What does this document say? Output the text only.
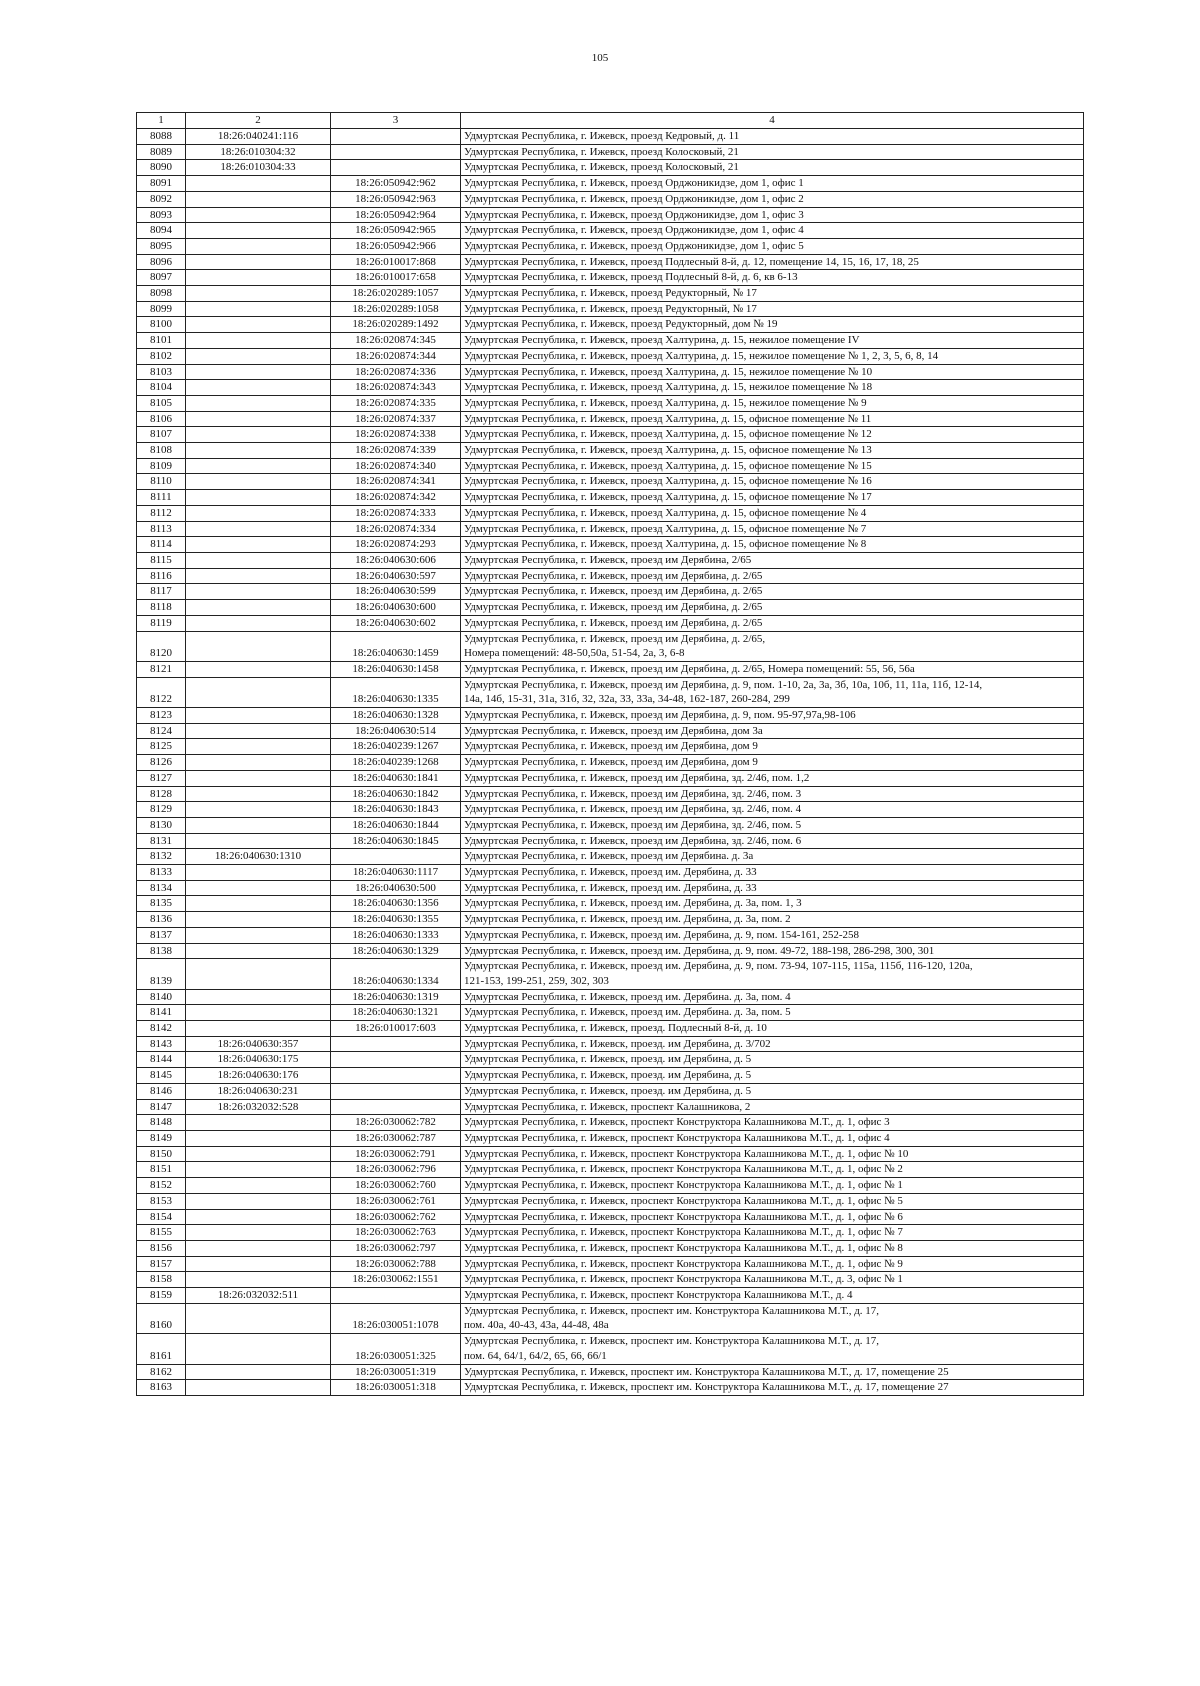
105
1	2	3	4
8088	18:26:040241:116		Удмуртская Республика, г. Ижевск, проезд Кедровый, д. 11
8089	18:26:010304:32		Удмуртская Республика, г. Ижевск, проезд Колосковый, 21
8090	18:26:010304:33		Удмуртская Республика, г. Ижевск, проезд Колосковый, 21
8091		18:26:050942:962	Удмуртская Республика, г. Ижевск, проезд Орджоникидзе, дом 1, офис 1
8092		18:26:050942:963	Удмуртская Республика, г. Ижевск, проезд Орджоникидзе, дом 1, офис 2
8093		18:26:050942:964	Удмуртская Республика, г. Ижевск, проезд Орджоникидзе, дом 1, офис 3
8094		18:26:050942:965	Удмуртская Республика, г. Ижевск, проезд Орджоникидзе, дом 1, офис 4
8095		18:26:050942:966	Удмуртская Республика, г. Ижевск, проезд Орджоникидзе, дом 1, офис 5
8096		18:26:010017:868	Удмуртская Республика, г. Ижевск, проезд Подлесный 8-й, д. 12, помещение 14, 15, 16, 17, 18, 25
8097		18:26:010017:658	Удмуртская Республика, г. Ижевск, проезд Подлесный 8-й, д. 6, кв 6-13
8098		18:26:020289:1057	Удмуртская Республика, г. Ижевск, проезд Редукторный, № 17
8099		18:26:020289:1058	Удмуртская Республика, г. Ижевск, проезд Редукторный, № 17
8100		18:26:020289:1492	Удмуртская Республика, г. Ижевск, проезд Редукторный, дом № 19
8101		18:26:020874:345	Удмуртская Республика, г. Ижевск, проезд Халтурина, д. 15, нежилое помещение IV
8102		18:26:020874:344	Удмуртская Республика, г. Ижевск, проезд Халтурина, д. 15, нежилое помещение № 1, 2, 3, 5, 6, 8, 14
8103		18:26:020874:336	Удмуртская Республика, г. Ижевск, проезд Халтурина, д. 15, нежилое помещение № 10
8104		18:26:020874:343	Удмуртская Республика, г. Ижевск, проезд Халтурина, д. 15, нежилое помещение № 18
8105		18:26:020874:335	Удмуртская Республика, г. Ижевск, проезд Халтурина, д. 15, нежилое помещение № 9
8106		18:26:020874:337	Удмуртская Республика, г. Ижевск, проезд Халтурина, д. 15, офисное помещение № 11
8107		18:26:020874:338	Удмуртская Республика, г. Ижевск, проезд Халтурина, д. 15, офисное помещение № 12
8108		18:26:020874:339	Удмуртская Республика, г. Ижевск, проезд Халтурина, д. 15, офисное помещение № 13
8109		18:26:020874:340	Удмуртская Республика, г. Ижевск, проезд Халтурина, д. 15, офисное помещение № 15
8110		18:26:020874:341	Удмуртская Республика, г. Ижевск, проезд Халтурина, д. 15, офисное помещение № 16
8111		18:26:020874:342	Удмуртская Республика, г. Ижевск, проезд Халтурина, д. 15, офисное помещение № 17
8112		18:26:020874:333	Удмуртская Республика, г. Ижевск, проезд Халтурина, д. 15, офисное помещение № 4
8113		18:26:020874:334	Удмуртская Республика, г. Ижевск, проезд Халтурина, д. 15, офисное помещение № 7
8114		18:26:020874:293	Удмуртская Республика, г. Ижевск, проезд Халтурина, д. 15, офисное помещение № 8
8115		18:26:040630:606	Удмуртская Республика, г. Ижевск, проезд им Дерябина, 2/65
8116		18:26:040630:597	Удмуртская Республика, г. Ижевск, проезд им Дерябина, д. 2/65
8117		18:26:040630:599	Удмуртская Республика, г. Ижевск, проезд им Дерябина, д. 2/65
8118		18:26:040630:600	Удмуртская Республика, г. Ижевск, проезд им Дерябина, д. 2/65
8119		18:26:040630:602	Удмуртская Республика, г. Ижевск, проезд им Дерябина, д. 2/65
8120		18:26:040630:1459	Удмуртская Республика, г. Ижевск, проезд им Дерябина, д. 2/65,
Номера помещений: 48-50,50а, 51-54, 2а, 3, 6-8
8121		18:26:040630:1458	Удмуртская Республика, г. Ижевск, проезд им Дерябина, д. 2/65, Номера помещений: 55, 56, 56а
8122		18:26:040630:1335	Удмуртская Республика, г. Ижевск, проезд им Дерябина, д. 9, пом. 1-10, 2а, 3а, 3б, 10а, 10б, 11, 11а, 11б, 12-14,
14а, 14б, 15-31, 31а, 31б, 32, 32а, 33, 33а, 34-48, 162-187, 260-284, 299
8123		18:26:040630:1328	Удмуртская Республика, г. Ижевск, проезд им Дерябина, д. 9, пом. 95-97,97а,98-106
8124		18:26:040630:514	Удмуртская Республика, г. Ижевск, проезд им Дерябина, дом 3а
8125		18:26:040239:1267	Удмуртская Республика, г. Ижевск, проезд им Дерябина, дом 9
8126		18:26:040239:1268	Удмуртская Республика, г. Ижевск, проезд им Дерябина, дом 9
8127		18:26:040630:1841	Удмуртская Республика, г. Ижевск, проезд им Дерябина, зд. 2/46, пом. 1,2
8128		18:26:040630:1842	Удмуртская Республика, г. Ижевск, проезд им Дерябина, зд. 2/46, пом. 3
8129		18:26:040630:1843	Удмуртская Республика, г. Ижевск, проезд им Дерябина, зд. 2/46, пом. 4
8130		18:26:040630:1844	Удмуртская Республика, г. Ижевск, проезд им Дерябина, зд. 2/46, пом. 5
8131		18:26:040630:1845	Удмуртская Республика, г. Ижевск, проезд им Дерябина, зд. 2/46, пом. 6
8132	18:26:040630:1310		Удмуртская Республика, г. Ижевск, проезд им Дерябина. д. 3а
8133		18:26:040630:1117	Удмуртская Республика, г. Ижевск, проезд им. Дерябина, д. 33
8134		18:26:040630:500	Удмуртская Республика, г. Ижевск, проезд им. Дерябина, д. 33
8135		18:26:040630:1356	Удмуртская Республика, г. Ижевск, проезд им. Дерябина, д. 3а, пом. 1, 3
8136		18:26:040630:1355	Удмуртская Республика, г. Ижевск, проезд им. Дерябина, д. 3а, пом. 2
8137		18:26:040630:1333	Удмуртская Республика, г. Ижевск, проезд им. Дерябина, д. 9, пом. 154-161, 252-258
8138		18:26:040630:1329	Удмуртская Республика, г. Ижевск, проезд им. Дерябина, д. 9, пом. 49-72, 188-198, 286-298, 300, 301
8139		18:26:040630:1334	Удмуртская Республика, г. Ижевск, проезд им. Дерябина, д. 9, пом. 73-94, 107-115, 115а, 115б, 116-120, 120а,
121-153, 199-251, 259, 302, 303
8140		18:26:040630:1319	Удмуртская Республика, г. Ижевск, проезд им. Дерябина. д. 3а, пом. 4
8141		18:26:040630:1321	Удмуртская Республика, г. Ижевск, проезд им. Дерябина. д. 3а, пом. 5
8142		18:26:010017:603	Удмуртская Республика, г. Ижевск, проезд. Подлесный 8-й, д. 10
8143	18:26:040630:357		Удмуртская Республика, г. Ижевск, проезд. им Дерябина, д. 3/702
8144	18:26:040630:175		Удмуртская Республика, г. Ижевск, проезд. им Дерябина, д. 5
8145	18:26:040630:176		Удмуртская Республика, г. Ижевск, проезд. им Дерябина, д. 5
8146	18:26:040630:231		Удмуртская Республика, г. Ижевск, проезд. им Дерябина, д. 5
8147	18:26:032032:528		Удмуртская Республика, г. Ижевск, проспект Калашникова, 2
8148		18:26:030062:782	Удмуртская Республика, г. Ижевск, проспект Конструктора Калашникова М.Т., д. 1, офис 3
8149		18:26:030062:787	Удмуртская Республика, г. Ижевск, проспект Конструктора Калашникова М.Т., д. 1, офис 4
8150		18:26:030062:791	Удмуртская Республика, г. Ижевск, проспект Конструктора Калашникова М.Т., д. 1, офис № 10
8151		18:26:030062:796	Удмуртская Республика, г. Ижевск, проспект Конструктора Калашникова М.Т., д. 1, офис № 2
8152		18:26:030062:760	Удмуртская Республика, г. Ижевск, проспект Конструктора Калашникова М.Т., д. 1, офис № 1
8153		18:26:030062:761	Удмуртская Республика, г. Ижевск, проспект Конструктора Калашникова М.Т., д. 1, офис № 5
8154		18:26:030062:762	Удмуртская Республика, г. Ижевск, проспект Конструктора Калашникова М.Т., д. 1, офис № 6
8155		18:26:030062:763	Удмуртская Республика, г. Ижевск, проспект Конструктора Калашникова М.Т., д. 1, офис № 7
8156		18:26:030062:797	Удмуртская Республика, г. Ижевск, проспект Конструктора Калашникова М.Т., д. 1, офис № 8
8157		18:26:030062:788	Удмуртская Республика, г. Ижевск, проспект Конструктора Калашникова М.Т., д. 1, офис № 9
8158		18:26:030062:1551	Удмуртская Республика, г. Ижевск, проспект Конструктора Калашникова М.Т., д. 3, офис № 1
8159	18:26:032032:511		Удмуртская Республика, г. Ижевск, проспект Конструктора Калашникова М.Т., д. 4
8160		18:26:030051:1078	Удмуртская Республика, г. Ижевск, проспект им. Конструктора Калашникова М.Т., д. 17,
пом. 40а, 40-43, 43а, 44-48, 48а
8161		18:26:030051:325	Удмуртская Республика, г. Ижевск, проспект им. Конструктора Калашникова М.Т., д. 17,
пом. 64, 64/1, 64/2, 65, 66, 66/1
8162		18:26:030051:319	Удмуртская Республика, г. Ижевск, проспект им. Конструктора Калашникова М.Т., д. 17, помещение 25
8163		18:26:030051:318	Удмуртская Республика, г. Ижевск, проспект им. Конструктора Калашникова М.Т., д. 17, помещение 27
